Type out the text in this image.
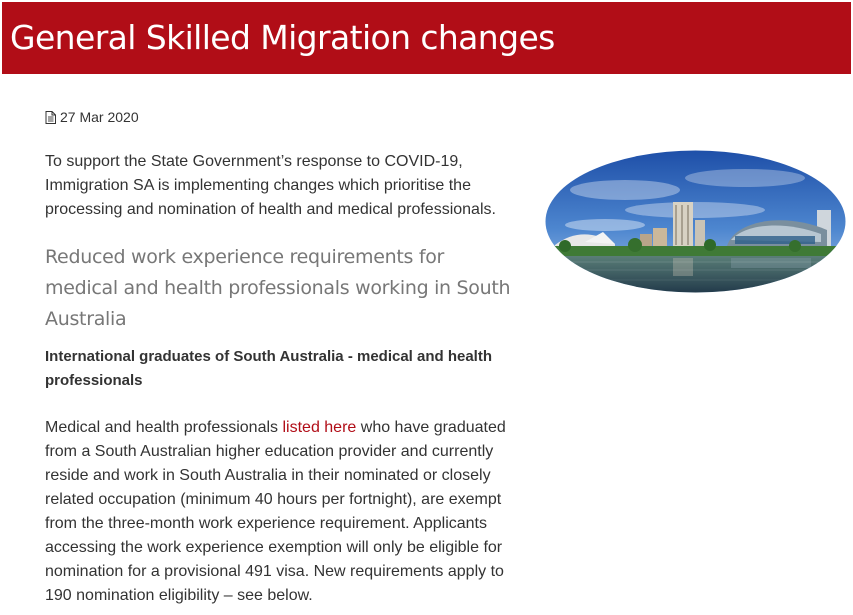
General Skilled Migration changes
27 Mar 2020

To support the State Government’s response to COVID-19, Immigration SA is implementing changes which prioritise the processing and nomination of health and medical professionals.

Reduced work experience requirements for medical and health professionals working in South Australia
International graduates of South Australia - medical and health professionals

Medical and health professionals listed here who have graduated from a South Australian higher education provider and currently reside and work in South Australia in their nominated or closely related occupation (minimum 40 hours per fortnight), are exempt from the three-month work experience requirement. Applicants accessing the work experience exemption will only be eligible for nomination for a provisional 491 visa. New requirements apply to 190 nomination eligibility – see below.
